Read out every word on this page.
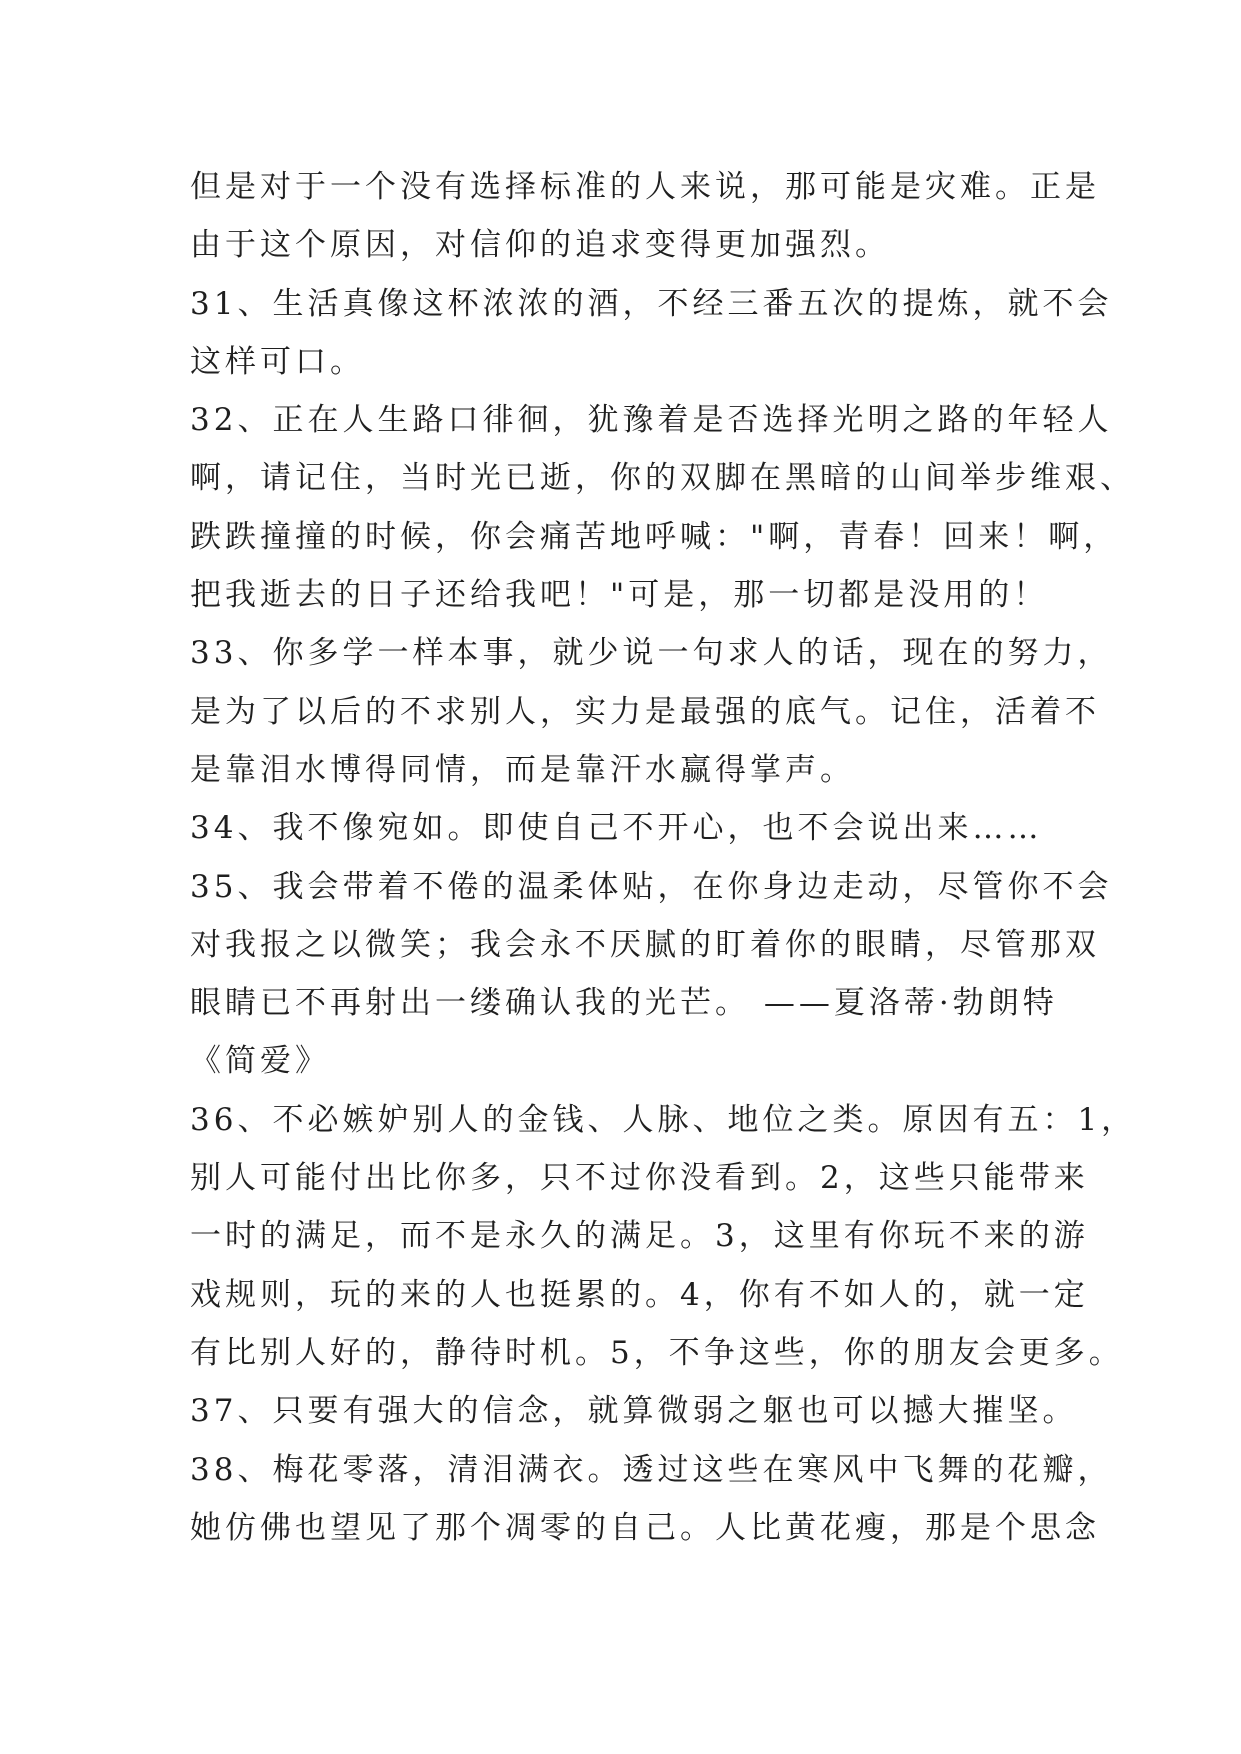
但是对于一个没有选择标准的人来说，那可能是灾难。正是
由于这个原因，对信仰的追求变得更加强烈。
31、生活真像这杯浓浓的酒，不经三番五次的提炼，就不会
这样可口。
32、正在人生路口徘徊，犹豫着是否选择光明之路的年轻人
啊，请记住，当时光已逝，你的双脚在黑暗的山间举步维艰、
跌跌撞撞的时候，你会痛苦地呼喊："啊，青春！回来！啊，
把我逝去的日子还给我吧！"可是，那一切都是没用的！
33、你多学一样本事，就少说一句求人的话，现在的努力，
是为了以后的不求别人，实力是最强的底气。记住，活着不
是靠泪水博得同情，而是靠汗水赢得掌声。
34、我不像宛如。即使自己不开心，也不会说出来……
35、我会带着不倦的温柔体贴，在你身边走动，尽管你不会
对我报之以微笑；我会永不厌腻的盯着你的眼睛，尽管那双
眼睛已不再射出一缕确认我的光芒。 ——夏洛蒂·勃朗特
《简爱》
36、不必嫉妒别人的金钱、人脉、地位之类。原因有五：1，
别人可能付出比你多，只不过你没看到。2，这些只能带来
一时的满足，而不是永久的满足。3，这里有你玩不来的游
戏规则，玩的来的人也挺累的。4，你有不如人的，就一定
有比别人好的，静待时机。5，不争这些，你的朋友会更多。
37、只要有强大的信念，就算微弱之躯也可以撼大摧坚。
38、梅花零落，清泪满衣。透过这些在寒风中飞舞的花瓣，
她仿佛也望见了那个凋零的自己。人比黄花瘦，那是个思念
